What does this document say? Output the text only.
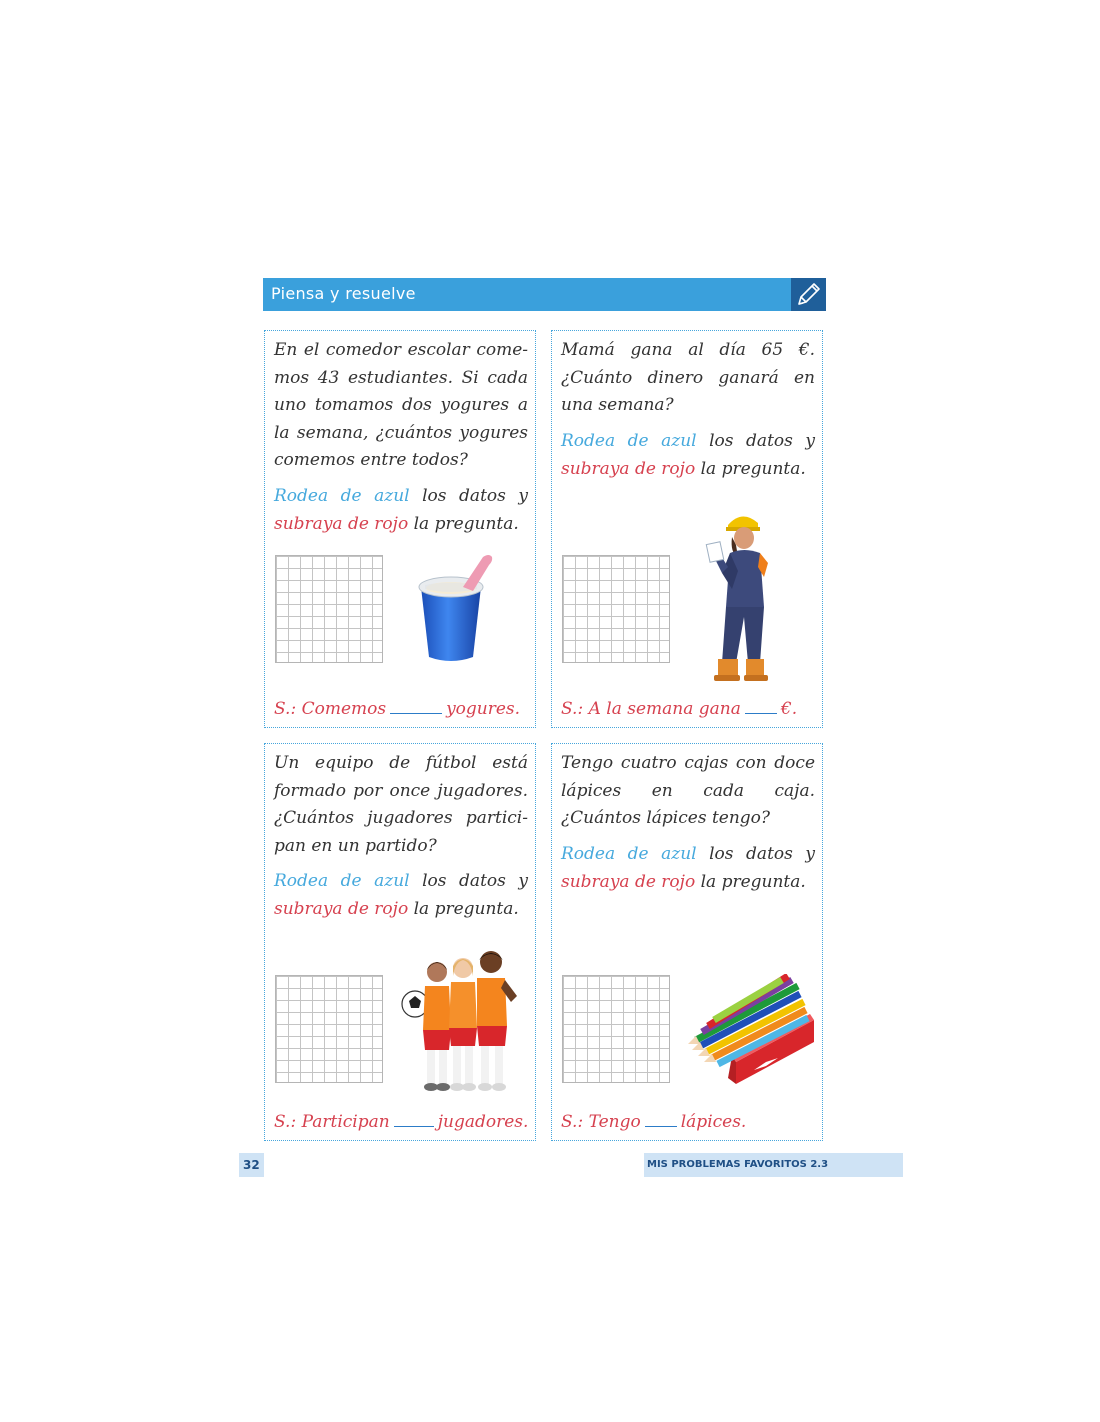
Piensa y resuelve

En el comedor escolar come-mos 43 estudiantes. Si cada uno tomamos dos yogures a la semana, ¿cuántos yogures comemos entre todos?

Rodea de azul los datos y subraya de rojo la pregunta.

S.: Comemos	yogures.

Mamá gana al día 65 €. ¿Cuánto dinero ganará en una semana?

Rodea de azul los datos y subraya de rojo la pregunta.

S.: A la semana gana €.

Un equipo de fútbol está formado por once jugadores. ¿Cuántos jugadores partici-pan en un partido?

Rodea de azul los datos y subraya de rojo la pregunta.

S.: Participan	jugadores.

Tengo cuatro cajas con doce lápices en cada caja. ¿Cuántos lápices tengo?

Rodea de azul los datos y subraya de rojo la pregunta.

S.: Tengo lápices.

32	MIS PROBLEMAS FAVORITOS 2.3
